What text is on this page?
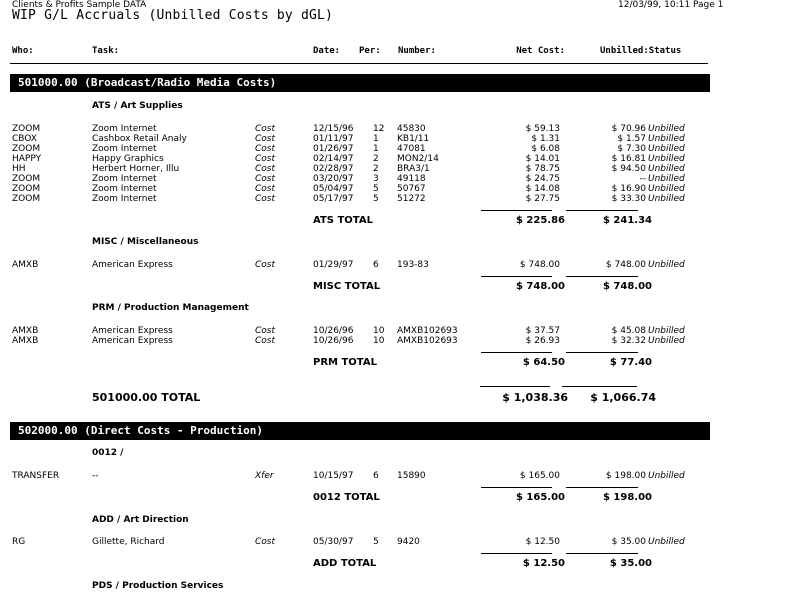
Clients & Profits Sample DATA
WIP G/L Accruals (Unbilled Costs by dGL)
12/03/99, 10:11 Page 1
Who:	Task:	Date: Per: Number:	Net Cost:	Unbilled:Status
501000.00 (Broadcast/Radio Media Costs)
ATS / Art Supplies
ZOOM	Zoom Internet	Cost	12/15/96 12 45830	$ 59.13	$ 70.96 Unbilled
CBOX	Cashbox Retail Analy	Cost	01/11/97 1 KB1/11	$ 1.31	$ 1.57 Unbilled
ZOOM	Zoom Internet	Cost	01/26/97 1 47081	$ 6.08	$ 7.30 Unbilled
HAPPY	Happy Graphics	Cost	02/14/97 2 MON2/14	$ 14.01	$ 16.81 Unbilled
HH	Herbert Horner, Illu	Cost	02/28/97 2 BRA3/1	$ 78.75	$ 94.50 Unbilled
ZOOM	Zoom Internet	Cost	03/20/97 3 49118	$ 24.75	-- Unbilled
ZOOM	Zoom Internet	Cost	05/04/97 5 50767	$ 14.08	$ 16.90 Unbilled
ZOOM	Zoom Internet	Cost	05/17/97 5 51272	$ 27.75	$ 33.30 Unbilled
ATS TOTAL	$ 225.86	$ 241.34
MISC / Miscellaneous
AMXB	American Express	Cost	01/29/97 6 193-83	$ 748.00	$ 748.00 Unbilled
MISC TOTAL	$ 748.00	$ 748.00
PRM / Production Management
AMXB	American Express	Cost	10/26/96 10 AMXB102693	$ 37.57	$ 45.08 Unbilled
AMXB	American Express	Cost	10/26/96 10 AMXB102693	$ 26.93	$ 32.32 Unbilled
PRM TOTAL	$ 64.50	$ 77.40
501000.00 TOTAL	$ 1,038.36	$ 1,066.74
502000.00 (Direct Costs - Production)
0012 /
TRANSFER	--	Xfer	10/15/97 6 15890	$ 165.00	$ 198.00 Unbilled
0012 TOTAL	$ 165.00	$ 198.00
ADD / Art Direction
RG	Gillette, Richard	Cost	05/30/97 5 9420	$ 12.50	$ 35.00 Unbilled
ADD TOTAL	$ 12.50	$ 35.00
PDS / Production Services
